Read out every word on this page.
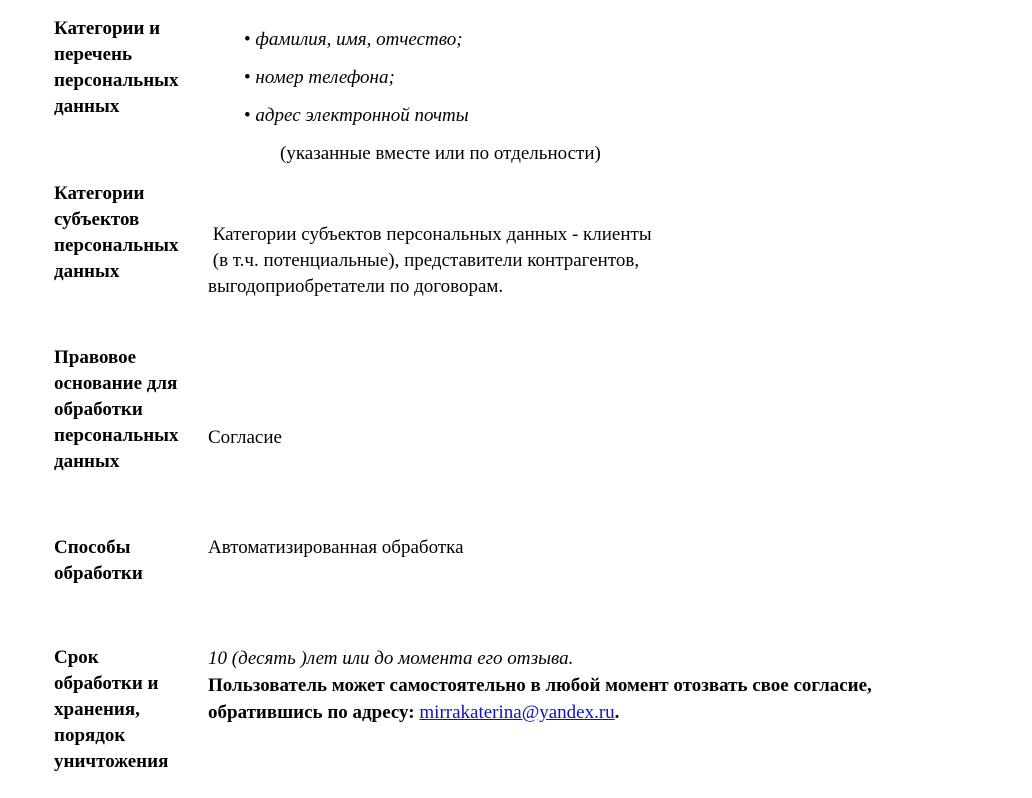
Категории и
перечень
персональных
данных
• фамилия, имя, отчество;
• номер телефона;
• адрес электронной почты
(указанные вместе или по отдельности)
Категории
субъектов
персональных
данных
Категории субъектов персональных данных - клиенты
(в т.ч. потенциальные), представители контрагентов,
выгодоприобретатели по договорам.
Правовое
основание для
обработки
персональных
данных
Согласие
Способы
обработки
Автоматизированная обработка
Срок
обработки и
хранения,
порядок
уничтожения
10 (десять )лет или до момента его отзыва.
Пользователь может самостоятельно в любой момент отозвать свое согласие,
обратившись по адресу: mirrakaterina@yandex.ru.
